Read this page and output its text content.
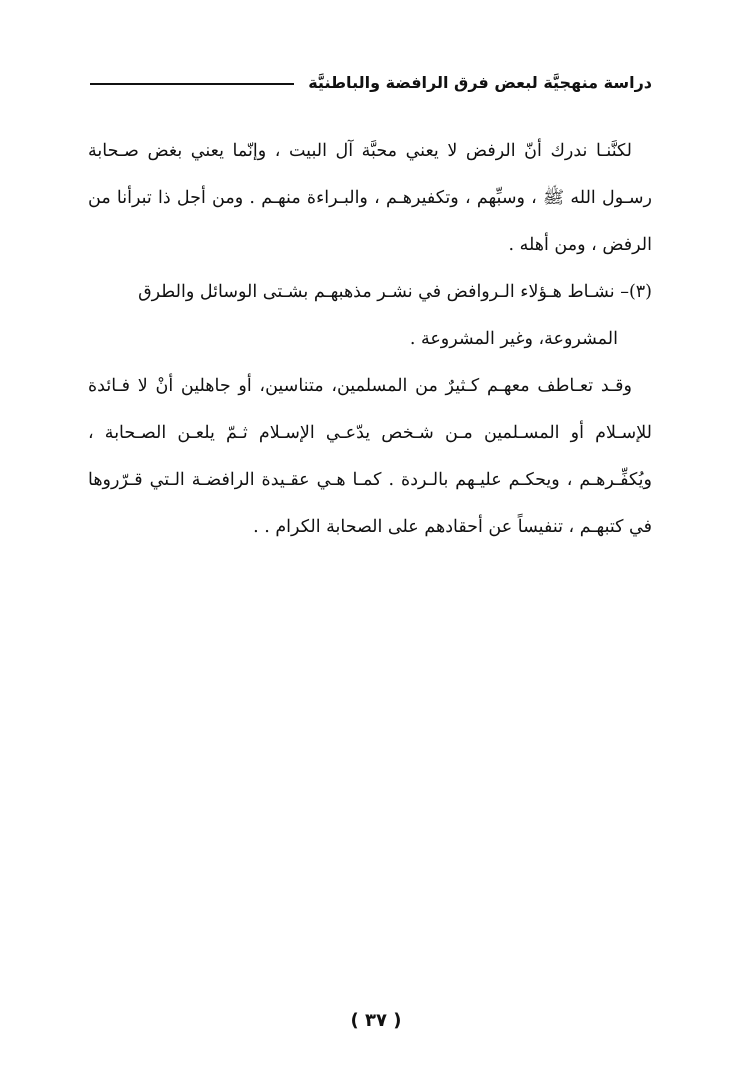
دراسة منهجيَّة لبعض فرق الرافضة والباطنيَّة

لكنَّنـا ندرك أنّ الرفض لا يعني محبَّة آل البيت ، وإنّما يعني بغض صـحابة رسـول الله ﷺ ، وسبِّهم ، وتكفيرهـم ، والبـراءة منهـم . ومن أجل ذا تبرأنا من الرفض ، ومن أهله .

(٣)– نشـاط هـؤلاء الـروافض في نشـر مذهبهـم بشـتى الوسائل والطرق

المشروعة، وغير المشروعة .

وقـد تعـاطف معهـم كـثيرٌ من المسلمين، متناسين، أو جاهلين أنْ لا فـائدة للإسـلام أو المسـلمين مـن شـخص يدّعـي الإسـلام ثـمّ يلعـن الصـحابة ، ويُكفِّـرهـم ، ويحكـم عليـهم بالـردة . كمـا هـي عقـيدة الرافضـة الـتي قـرّروها في كتبهـم ، تنفيساً عن أحقادهم على الصحابة الكرام . .

( ٣٧ )
